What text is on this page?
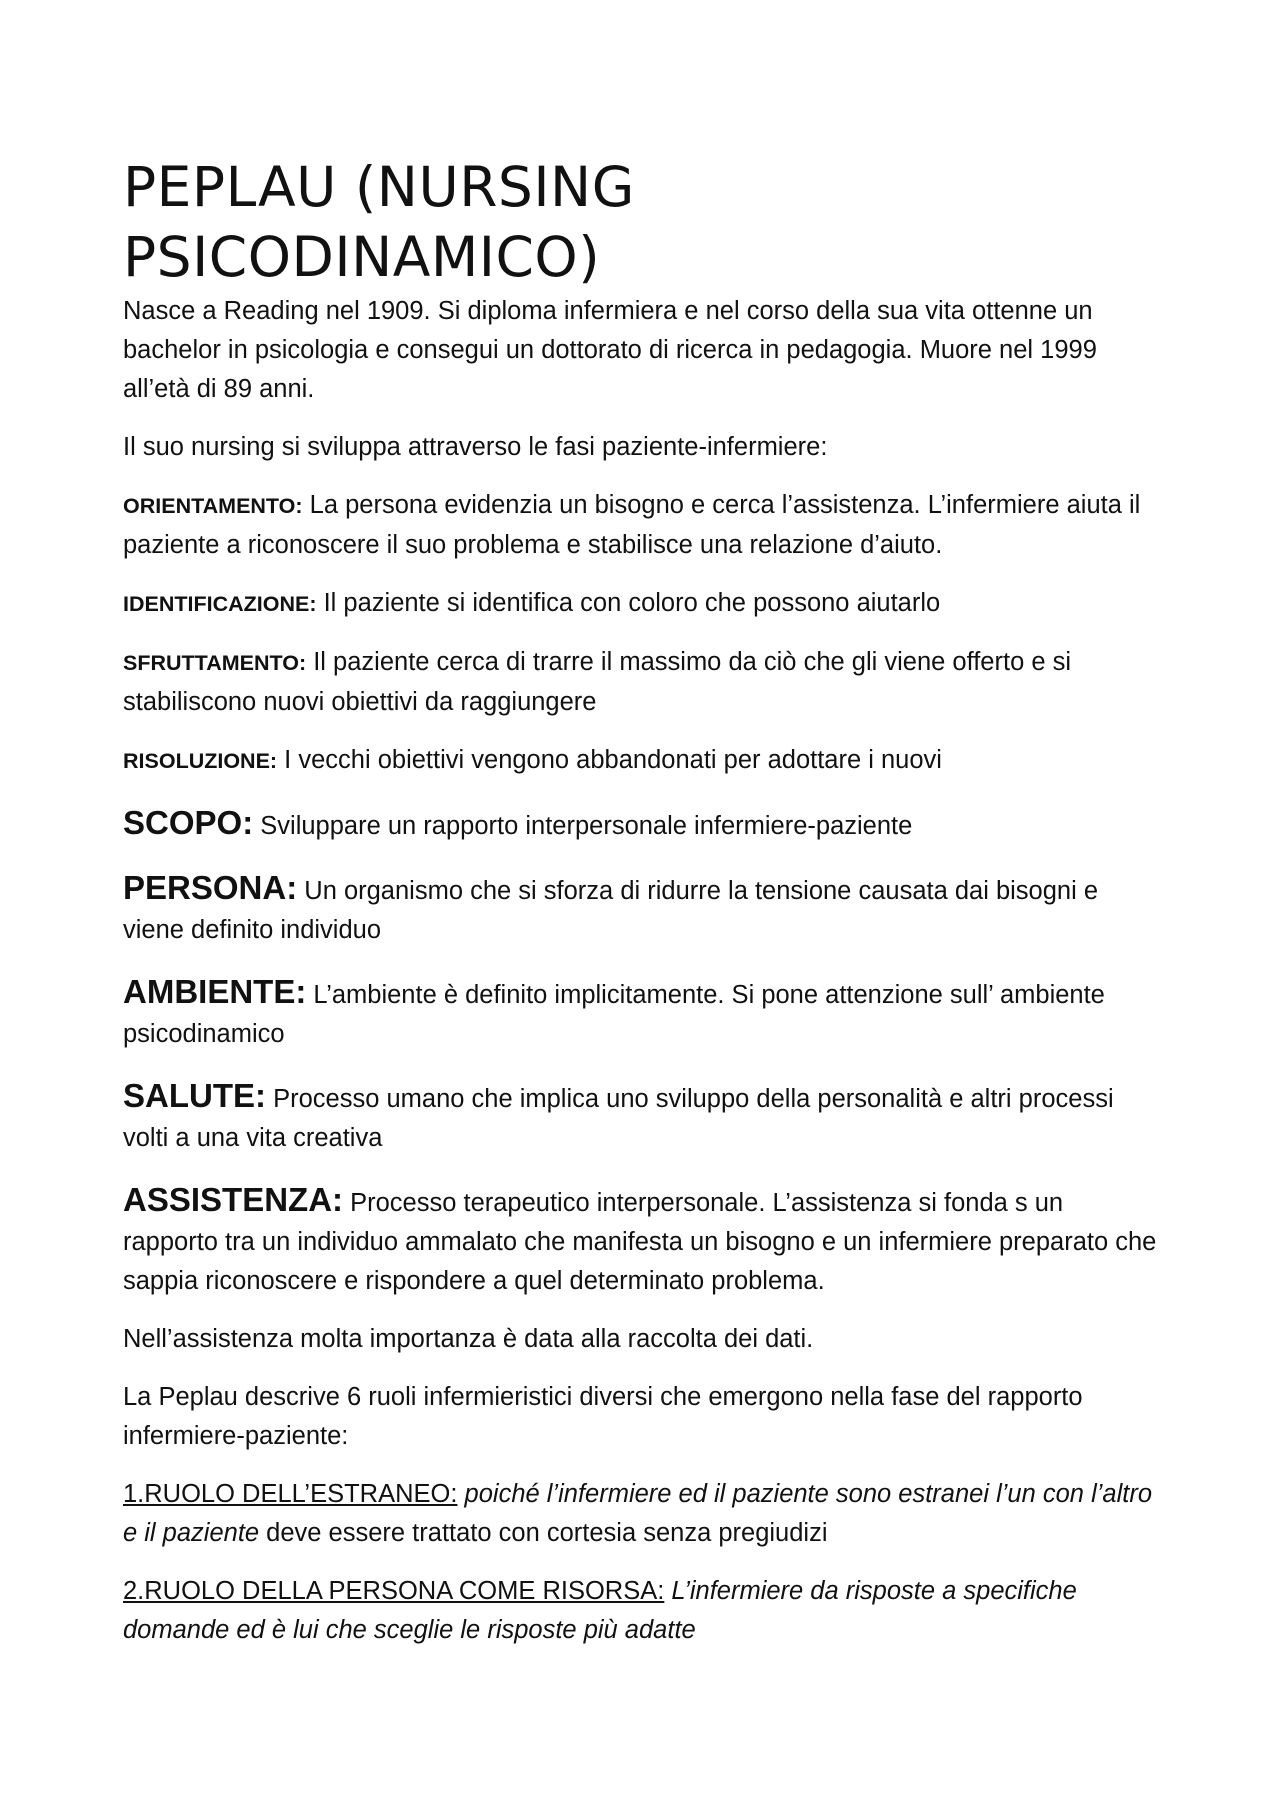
PEPLAU (NURSING
PSICODINAMICO)

Nasce a Reading nel 1909. Si diploma infermiera e nel corso della sua vita ottenne un bachelor in psicologia e consegui un dottorato di ricerca in pedagogia. Muore nel 1999 all’età di 89 anni.

Il suo nursing si sviluppa attraverso le fasi paziente-infermiere:

ORIENTAMENTO: La persona evidenzia un bisogno e cerca l’assistenza. L’infermiere aiuta il paziente a riconoscere il suo problema e stabilisce una relazione d’aiuto.

IDENTIFICAZIONE: Il paziente si identifica con coloro che possono aiutarlo

SFRUTTAMENTO: Il paziente cerca di trarre il massimo da ciò che gli viene offerto e si stabiliscono nuovi obiettivi da raggiungere

RISOLUZIONE: I vecchi obiettivi vengono abbandonati per adottare i nuovi

SCOPO: Sviluppare un rapporto interpersonale infermiere-paziente

PERSONA: Un organismo che si sforza di ridurre la tensione causata dai bisogni e viene definito individuo

AMBIENTE: L’ambiente è definito implicitamente. Si pone attenzione sull’ ambiente psicodinamico

SALUTE: Processo umano che implica uno sviluppo della personalità e altri processi volti a una vita creativa

ASSISTENZA: Processo terapeutico interpersonale. L’assistenza si fonda s un rapporto tra un individuo ammalato che manifesta un bisogno e un infermiere preparato che sappia riconoscere e rispondere a quel determinato problema.

Nell’assistenza molta importanza è data alla raccolta dei dati.

La Peplau descrive 6 ruoli infermieristici diversi che emergono nella fase del rapporto infermiere-paziente:

1.RUOLO DELL’ESTRANEO: poiché l’infermiere ed il paziente sono estranei l’un con l’altro e il paziente deve essere trattato con cortesia senza pregiudizi

2.RUOLO DELLA PERSONA COME RISORSA: L’infermiere da risposte a specifiche domande ed è lui che sceglie le risposte più adatte
